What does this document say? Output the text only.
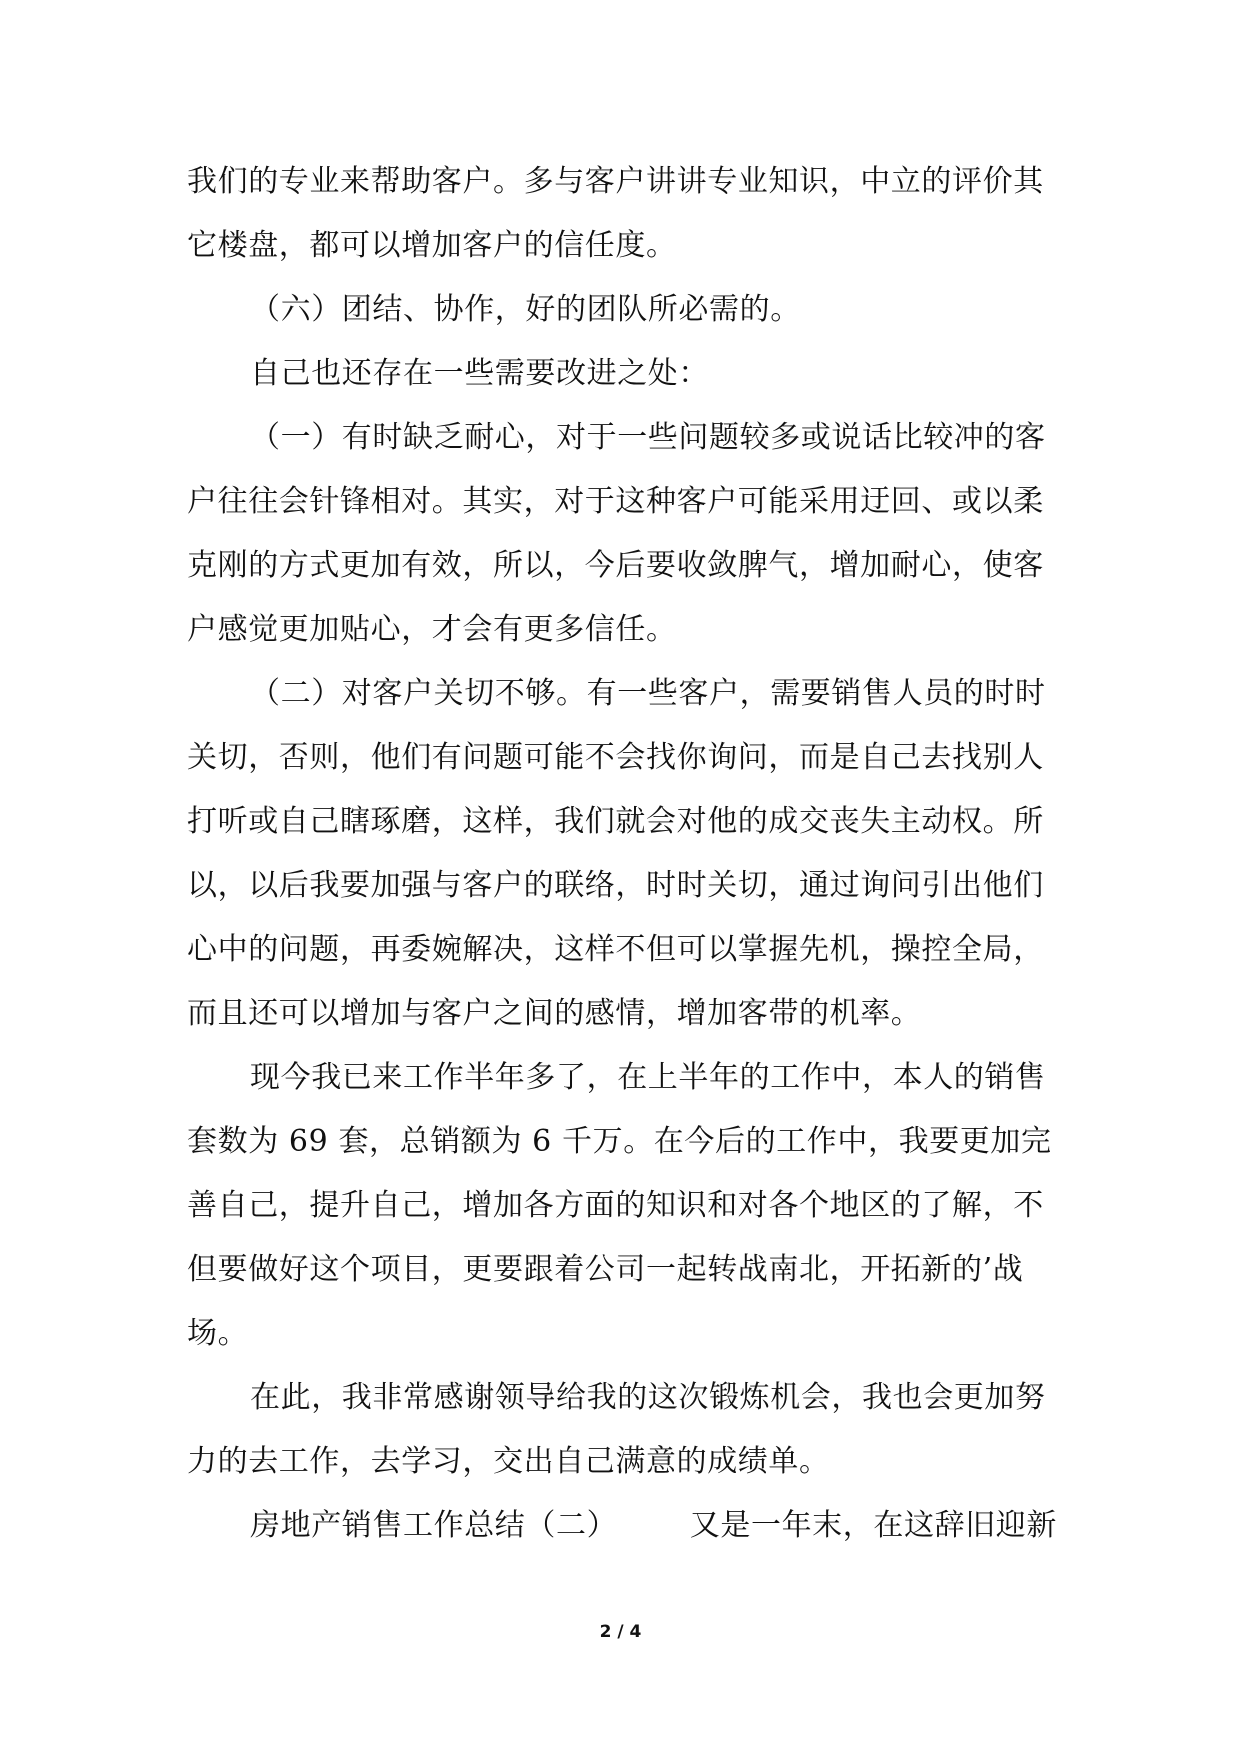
我们的专业来帮助客户。多与客户讲讲专业知识，中立的评价其
它楼盘，都可以增加客户的信任度。
（六）团结、协作，好的团队所必需的。
自己也还存在一些需要改进之处：
（一）有时缺乏耐心，对于一些问题较多或说话比较冲的客
户往往会针锋相对。其实，对于这种客户可能采用迂回、或以柔
克刚的方式更加有效，所以，今后要收敛脾气，增加耐心，使客
户感觉更加贴心，才会有更多信任。
（二）对客户关切不够。有一些客户，需要销售人员的时时
关切，否则，他们有问题可能不会找你询问，而是自己去找别人
打听或自己瞎琢磨，这样，我们就会对他的成交丧失主动权。所
以，以后我要加强与客户的联络，时时关切，通过询问引出他们
心中的问题，再委婉解决，这样不但可以掌握先机，操控全局，
而且还可以增加与客户之间的感情，增加客带的机率。
现今我已来工作半年多了，在上半年的工作中，本人的销售
套数为 69 套，总销额为 6 千万。在今后的工作中，我要更加完
善自己，提升自己，增加各方面的知识和对各个地区的了解，不
但要做好这个项目，更要跟着公司一起转战南北，开拓新的’战
场。
在此，我非常感谢领导给我的这次锻炼机会，我也会更加努
力的去工作，去学习，交出自己满意的成绩单。
房地产销售工作总结（二） 又是一年末，在这辞旧迎新
2 / 4
